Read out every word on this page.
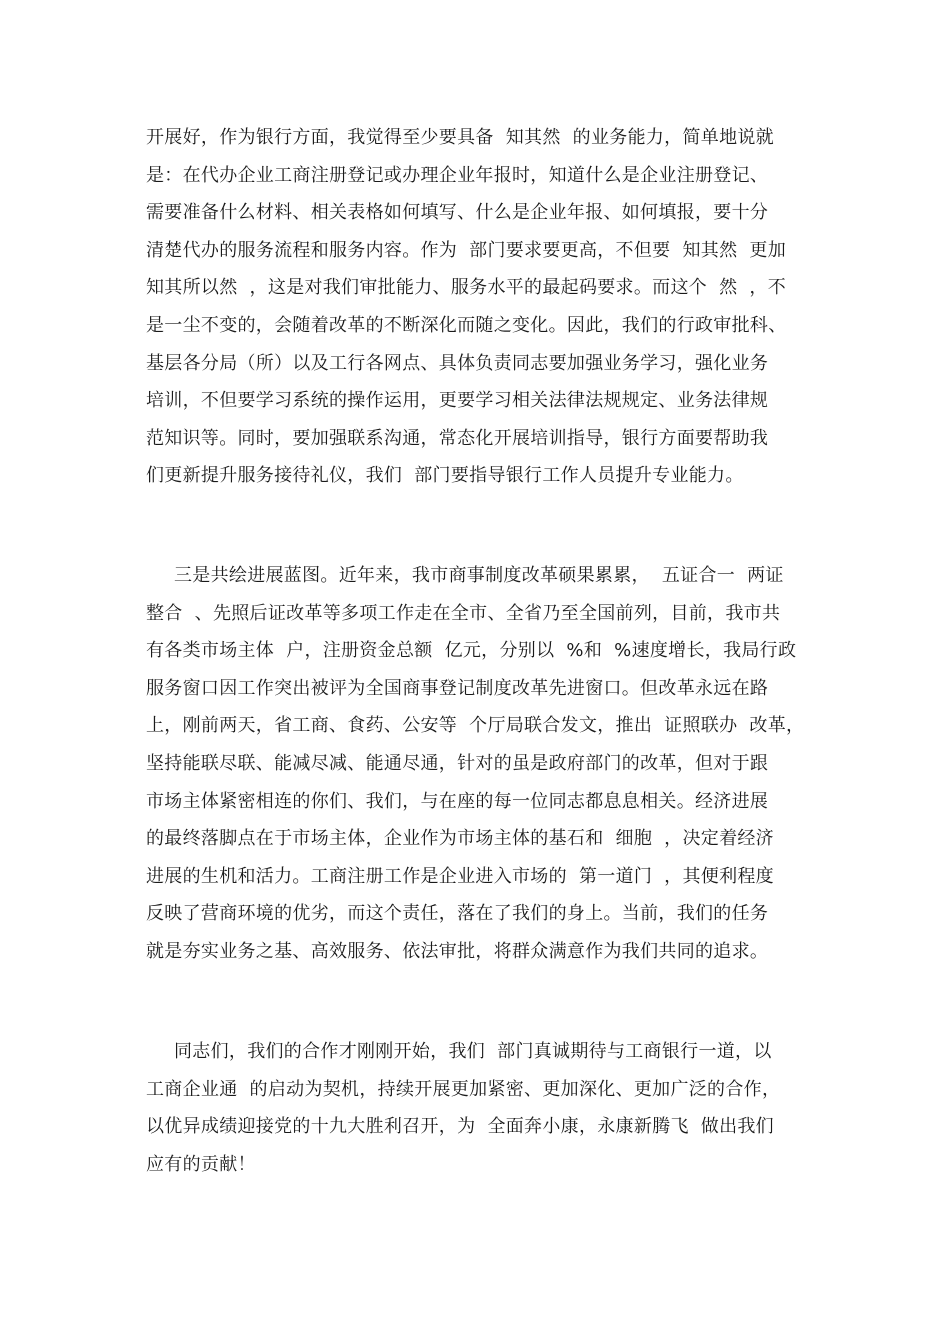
开展好，作为银行方面，我觉得至少要具备  知其然  的业务能力，简单地说就
是：在代办企业工商注册登记或办理企业年报时，知道什么是企业注册登记、
需要准备什么材料、相关表格如何填写、什么是企业年报、如何填报，要十分
清楚代办的服务流程和服务内容。作为  部门要求要更高，不但要  知其然  更加
知其所以然  ，这是对我们审批能力、服务水平的最起码要求。而这个  然  ，不
是一尘不变的，会随着改革的不断深化而随之变化。因此，我们的行政审批科、
基层各分局（所）以及工行各网点、具体负责同志要加强业务学习，强化业务
培训，不但要学习系统的操作运用，更要学习相关法律法规规定、业务法律规
范知识等。同时，要加强联系沟通，常态化开展培训指导，银行方面要帮助我
们更新提升服务接待礼仪，我们  部门要指导银行工作人员提升专业能力。
三是共绘进展蓝图。近年来，我市商事制度改革硕果累累，  五证合一  两证
整合  、先照后证改革等多项工作走在全市、全省乃至全国前列，目前，我市共
有各类市场主体  户，注册资金总额  亿元，分别以  %和  %速度增长，我局行政
服务窗口因工作突出被评为全国商事登记制度改革先进窗口。但改革永远在路
上，刚前两天，省工商、食药、公安等  个厅局联合发文，推出  证照联办  改革，
坚持能联尽联、能减尽减、能通尽通，针对的虽是政府部门的改革，但对于跟
市场主体紧密相连的你们、我们，与在座的每一位同志都息息相关。经济进展
的最终落脚点在于市场主体，企业作为市场主体的基石和  细胞  ，决定着经济
进展的生机和活力。工商注册工作是企业进入市场的  第一道门  ，其便利程度
反映了营商环境的优劣，而这个责任，落在了我们的身上。当前，我们的任务
就是夯实业务之基、高效服务、依法审批，将群众满意作为我们共同的追求。
同志们，我们的合作才刚刚开始，我们  部门真诚期待与工商银行一道，以
工商企业通  的启动为契机，持续开展更加紧密、更加深化、更加广泛的合作，
以优异成绩迎接党的十九大胜利召开，为  全面奔小康，永康新腾飞  做出我们
应有的贡献！
